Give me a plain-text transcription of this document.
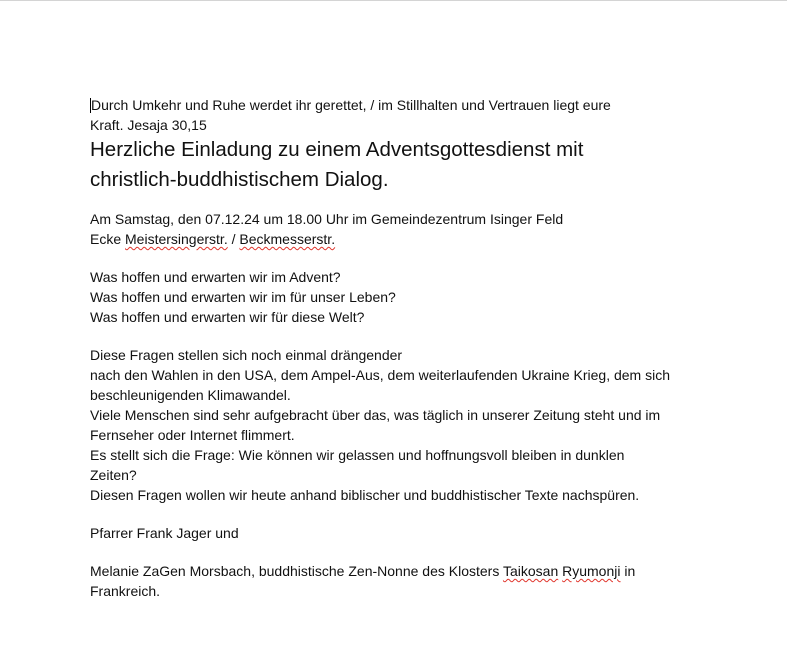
Durch Umkehr und Ruhe werdet ihr gerettet, / im Stillhalten und Vertrauen liegt eure
Kraft. Jesaja 30,15

Herzliche Einladung zu einem Adventsgottesdienst mit
christlich-buddhistischem Dialog.

Am Samstag, den 07.12.24 um 18.00 Uhr im Gemeindezentrum Isinger Feld
Ecke Meistersingerstr. / Beckmesserstr.

Was hoffen und erwarten wir im Advent?
Was hoffen und erwarten wir im für unser Leben?
Was hoffen und erwarten wir für diese Welt?

Diese Fragen stellen sich noch einmal drängender
nach den Wahlen in den USA, dem Ampel-Aus, dem weiterlaufenden Ukraine Krieg, dem sich
beschleunigenden Klimawandel.
Viele Menschen sind sehr aufgebracht über das, was täglich in unserer Zeitung steht und im
Fernseher oder Internet flimmert.
Es stellt sich die Frage: Wie können wir gelassen und hoffnungsvoll bleiben in dunklen
Zeiten?
Diesen Fragen wollen wir heute anhand biblischer und buddhistischer Texte nachspüren.

Pfarrer Frank Jager und

Melanie ZaGen Morsbach, buddhistische Zen-Nonne des Klosters Taikosan Ryumonji in
Frankreich.
